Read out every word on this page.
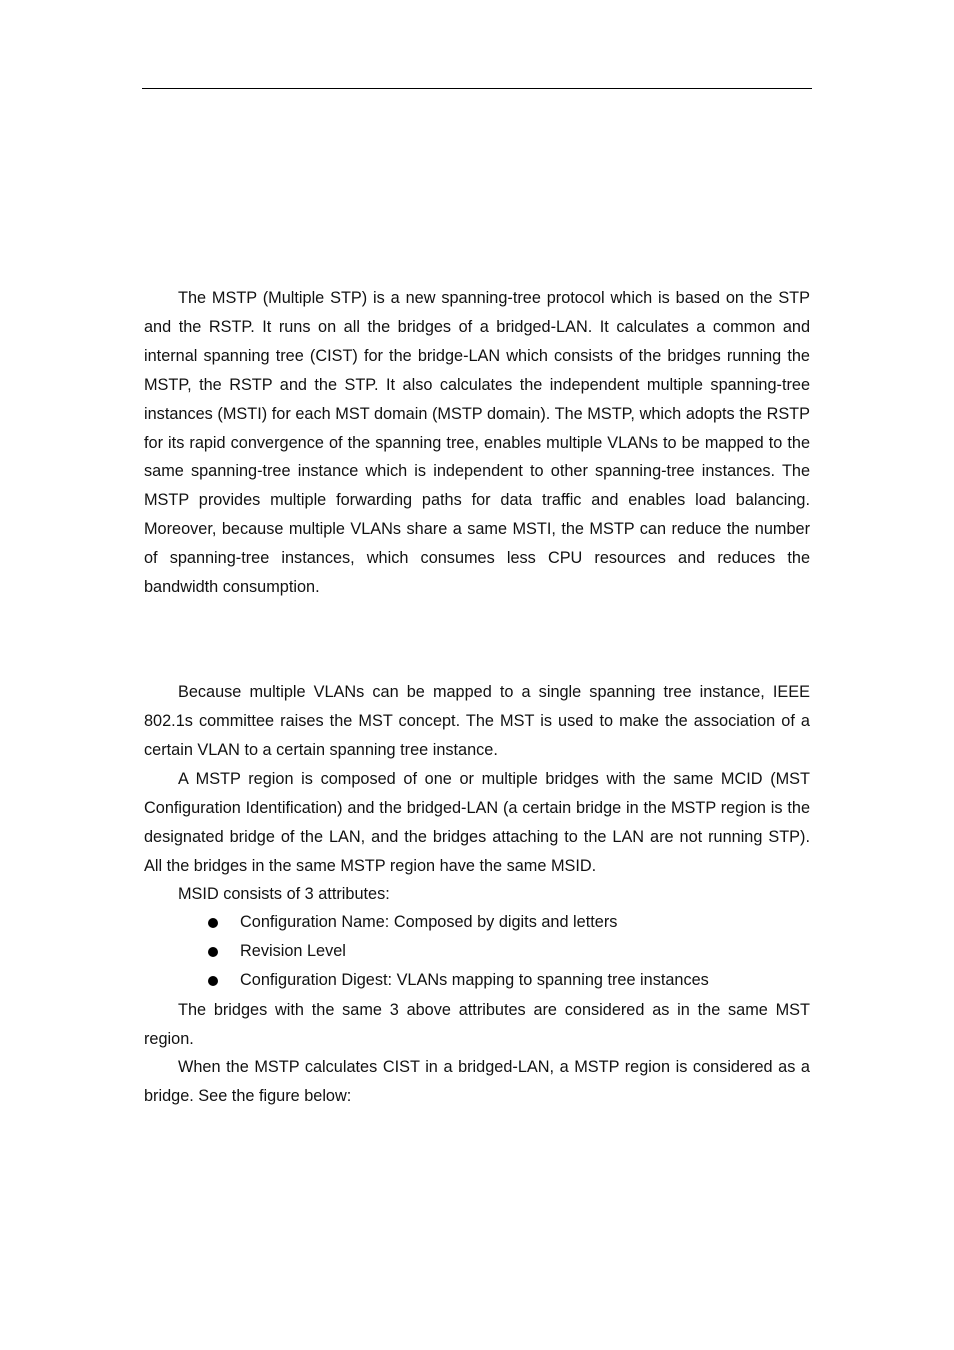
The MSTP (Multiple STP) is a new spanning-tree protocol which is based on the STP and the RSTP. It runs on all the bridges of a bridged-LAN. It calculates a common and internal spanning tree (CIST) for the bridge-LAN which consists of the bridges running the MSTP, the RSTP and the STP. It also calculates the independent multiple spanning-tree instances (MSTI) for each MST domain (MSTP domain). The MSTP, which adopts the RSTP for its rapid convergence of the spanning tree, enables multiple VLANs to be mapped to the same spanning-tree instance which is independent to other spanning-tree instances. The MSTP provides multiple forwarding paths for data traffic and enables load balancing. Moreover, because multiple VLANs share a same MSTI, the MSTP can reduce the number of spanning-tree instances, which consumes less CPU resources and reduces the bandwidth consumption.

Because multiple VLANs can be mapped to a single spanning tree instance, IEEE 802.1s committee raises the MST concept. The MST is used to make the association of a certain VLAN to a certain spanning tree instance.

A MSTP region is composed of one or multiple bridges with the same MCID (MST Configuration Identification) and the bridged-LAN (a certain bridge in the MSTP region is the designated bridge of the LAN, and the bridges attaching to the LAN are not running STP). All the bridges in the same MSTP region have the same MSID.

MSID consists of 3 attributes:

Configuration Name: Composed by digits and letters
Revision Level
Configuration Digest: VLANs mapping to spanning tree instances

The bridges with the same 3 above attributes are considered as in the same MST region.

When the MSTP calculates CIST in a bridged-LAN, a MSTP region is considered as a bridge. See the figure below:
